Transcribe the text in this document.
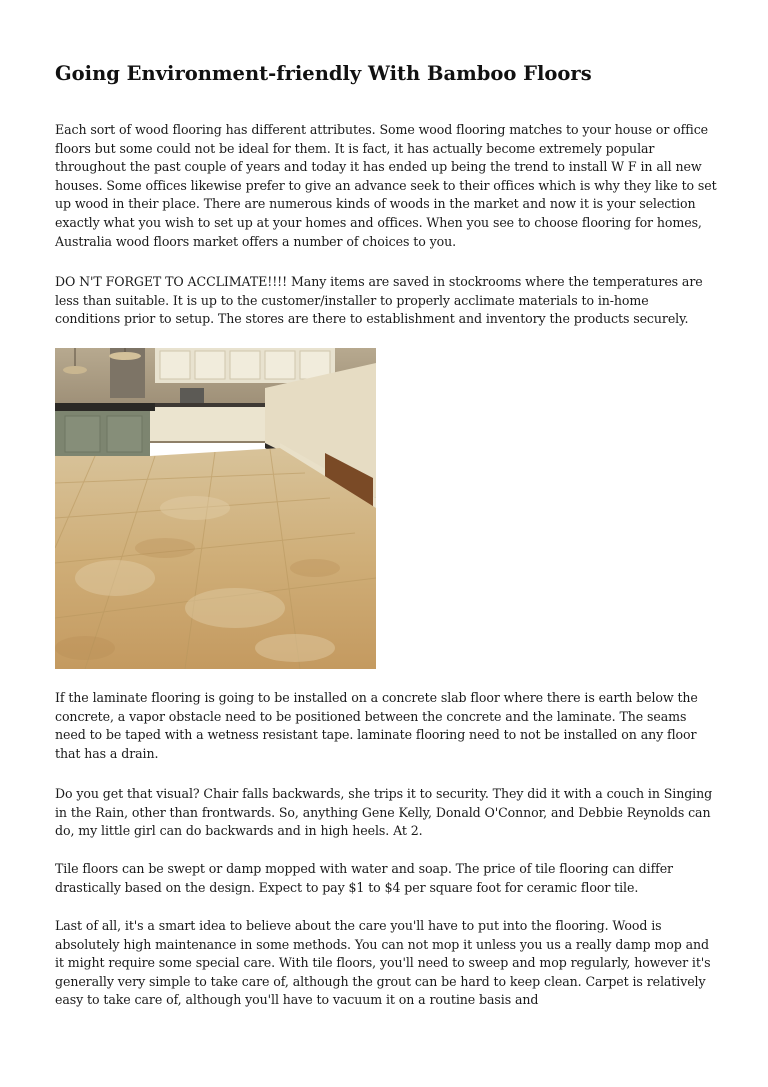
Going Environment-friendly With Bamboo Floors

Each sort of wood flooring has different attributes. Some wood flooring matches to your house or office floors but some could not be ideal for them. It is fact, it has actually become extremely popular throughout the past couple of years and today it has ended up being the trend to install W F in all new houses. Some offices likewise prefer to give an advance seek to their offices which is why they like to set up wood in their place. There are numerous kinds of woods in the market and now it is your selection exactly what you wish to set up at your homes and offices. When you see to choose flooring for homes, Australia wood floors market offers a number of choices to you.

DO N'T FORGET TO ACCLIMATE!!!! Many items are saved in stockrooms where the temperatures are less than suitable. It is up to the customer/installer to properly acclimate materials to in-home conditions prior to setup. The stores are there to establishment and inventory the products securely.

If the laminate flooring is going to be installed on a concrete slab floor where there is earth below the concrete, a vapor obstacle need to be positioned between the concrete and the laminate. The seams need to be taped with a wetness resistant tape. laminate flooring need to not be installed on any floor that has a drain.

Do you get that visual? Chair falls backwards, she trips it to security. They did it with a couch in Singing in the Rain, other than frontwards. So, anything Gene Kelly, Donald O'Connor, and Debbie Reynolds can do, my little girl can do backwards and in high heels. At 2.

Tile floors can be swept or damp mopped with water and soap. The price of tile flooring can differ drastically based on the design. Expect to pay $1 to $4 per square foot for ceramic floor tile.

Last of all, it's a smart idea to believe about the care you'll have to put into the flooring. Wood is absolutely high maintenance in some methods. You can not mop it unless you us a really damp mop and it might require some special care. With tile floors, you'll need to sweep and mop regularly, however it's generally very simple to take care of, although the grout can be hard to keep clean. Carpet is relatively easy to take care of, although you'll have to vacuum it on a routine basis and
